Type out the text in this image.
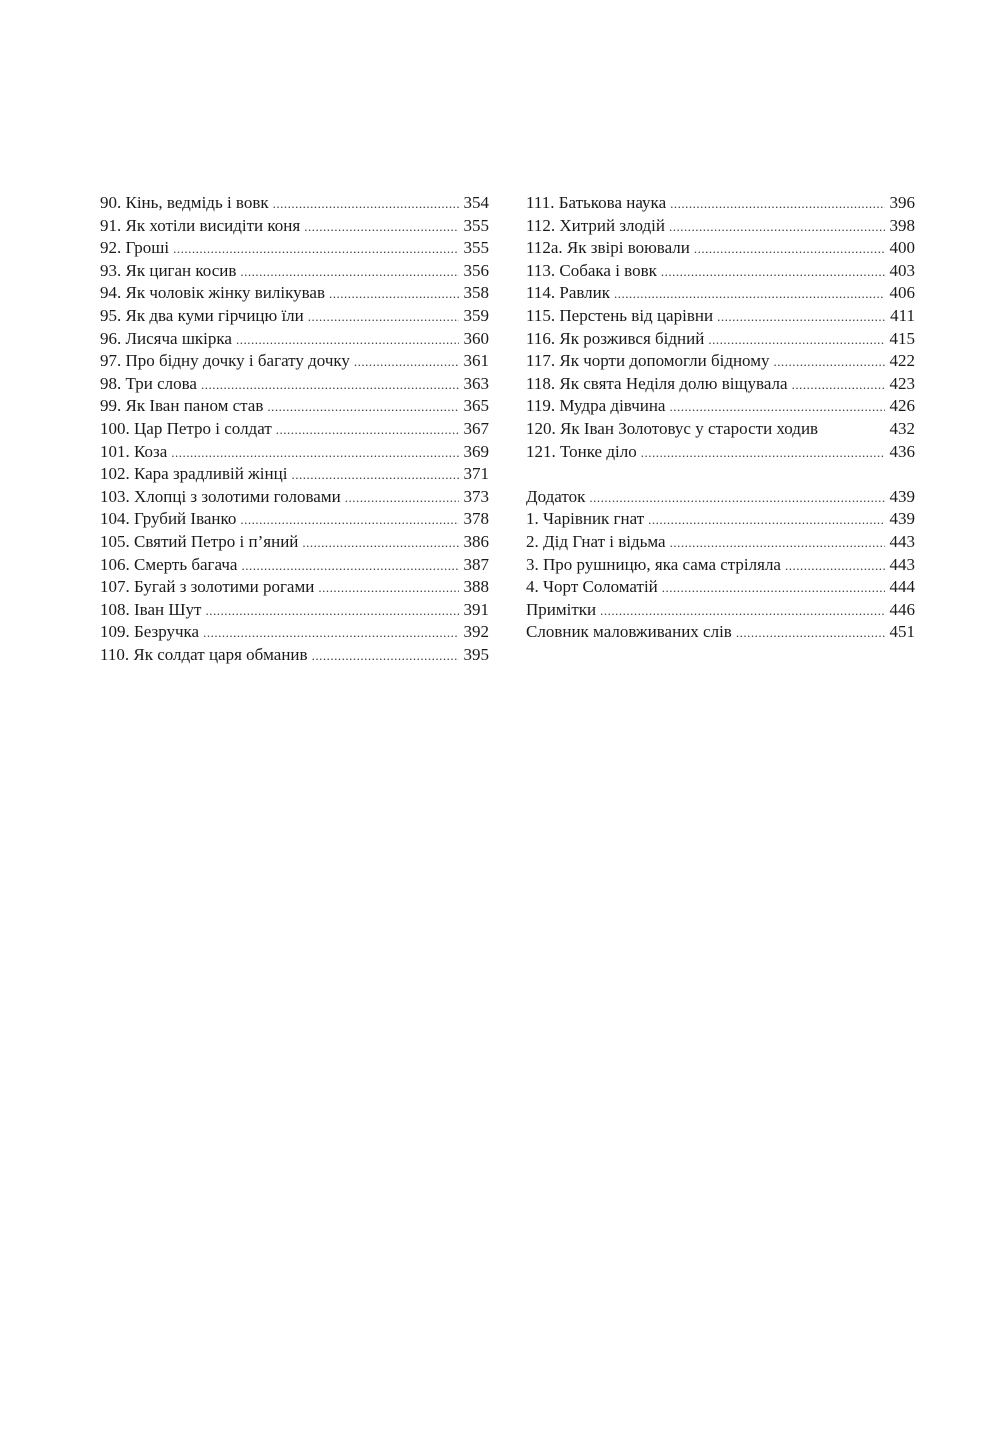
90. Кінь, ведмідь і вовк .....	354
91. Як хотіли висидіти коня .....	355
92. Гроші .....	355
93. Як циган косив .....	356
94. Як чоловік жінку вилікував .....	358
95. Як два куми гірчицю їли .....	359
96. Лисяча шкірка .....	360
97. Про бідну дочку і багату дочку .....	361
98. Три слова .....	363
99. Як Іван паном став .....	365
100. Цар Петро і солдат .....	367
101. Коза .....	369
102. Кара зрадливій жінці .....	371
103. Хлопці з золотими головами .....	373
104. Грубий Іванко .....	378
105. Святий Петро і п’яний .....	386
106. Смерть багача .....	387
107. Бугай з золотими рогами .....	388
108. Іван Шут .....	391
109. Безручка .....	392
110. Як солдат царя обманив .....	395
111. Батькова наука .....	396
112. Хитрий злодій .....	398
112а. Як звірі воювали .....	400
113. Собака і вовк .....	403
114. Равлик .....	406
115. Перстень від царівни .....	411
116. Як розжився бідний .....	415
117. Як чорти допомогли бідному .....	422
118. Як свята Неділя долю віщувала .....	423
119. Мудра дівчина .....	426
120. Як Іван Золотовус у старости ходив	432
121. Тонке діло .....	436
Додаток .....	439
1. Чарівник гнат .....	439
2. Дід Гнат і відьма .....	443
3. Про рушницю, яка сама стріляла .....	443
4. Чорт Соломатій .....	444
Примітки .....	446
Словник маловживаних слів .....	451
